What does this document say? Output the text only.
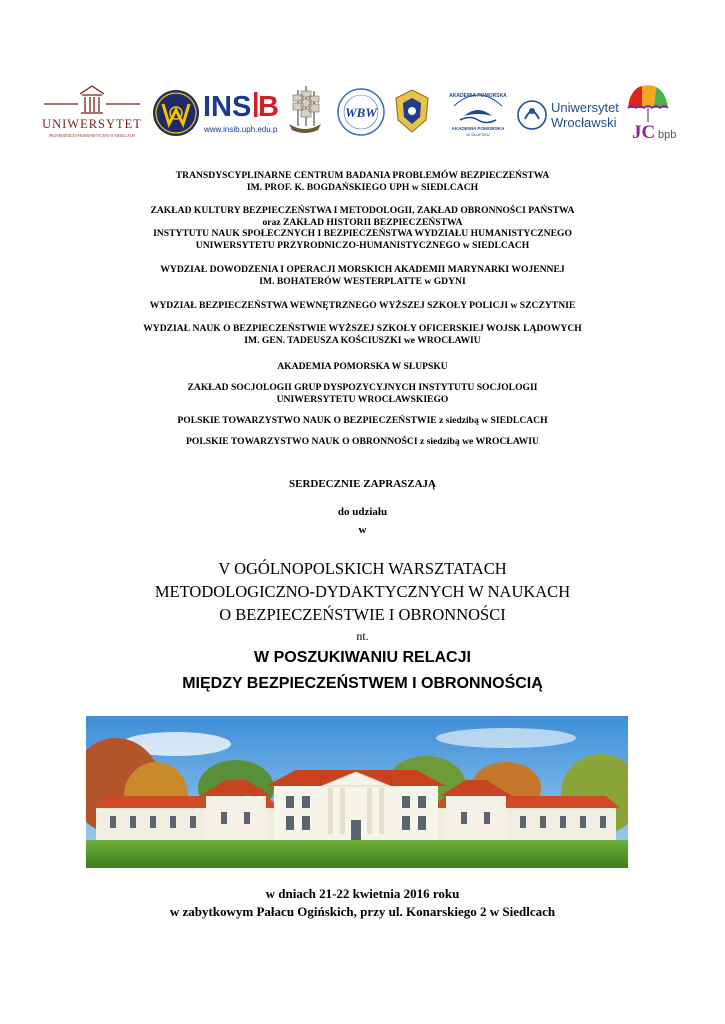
UNIWERSYTET
PRZYRODNICZO-HUMANISTYCZNY W SIEDLCACH
INS B
www.insib.uph.edu.pl
WBW
AKADEMIA POMORSKA
AKADEMIA POMORSKA
W SŁUPSKU
Uniwersytet
Wrocławski JC bpb
TRANSDYSCYPLINARNE CENTRUM BADANIA PROBLEMÓW BEZPIECZEŃSTWA
IM. PROF. K. BOGDAŃSKIEGO UPH w SIEDLCACH
ZAKŁAD KULTURY BEZPIECZEŃSTWA I METODOLOGII, ZAKŁAD OBRONNOŚCI PAŃSTWA
oraz ZAKŁAD HISTORII BEZPIECZEŃSTWA
INSTYTUTU NAUK SPOŁECZNYCH I BEZPIECZEŃSTWA WYDZIAŁU HUMANISTYCZNEGO
UNIWERSYTETU PRZYRODNICZO-HUMANISTYCZNEGO w SIEDLCACH
WYDZIAŁ DOWODZENIA I OPERACJI MORSKICH AKADEMII MARYNARKI WOJENNEJ
IM. BOHATERÓW WESTERPLATTE w GDYNI
WYDZIAŁ BEZPIECZEŃSTWA WEWNĘTRZNEGO WYŻSZEJ SZKOŁY POLICJI w SZCZYTNIE
WYDZIAŁ NAUK O BEZPIECZEŃSTWIE WYŻSZEJ SZKOŁY OFICERSKIEJ WOJSK LĄDOWYCH
IM. GEN. TADEUSZA KOŚCIUSZKI we WROCŁAWIU
AKADEMIA POMORSKA W SŁUPSKU
ZAKŁAD SOCJOLOGII GRUP DYSPOZYCYJNYCH INSTYTUTU SOCJOLOGII
UNIWERSYTETU WROCŁAWSKIEGO
POLSKIE TOWARZYSTWO NAUK O BEZPIECZEŃSTWIE z siedzibą w SIEDLCACH
POLSKIE TOWARZYSTWO NAUK O OBRONNOŚCI z siedzibą we WROCŁAWIU
SERDECZNIE ZAPRASZAJĄ
do udziału
w
V OGÓLNOPOLSKICH WARSZTATACH
METODOLOGICZNO-DYDAKTYCZNYCH W NAUKACH
O BEZPIECZEŃSTWIE I OBRONNOŚCI
nt.
W POSZUKIWANIU RELACJI
MIĘDZY BEZPIECZEŃSTWEM I OBRONNOŚCIĄ
w dniach 21-22 kwietnia 2016 roku
w zabytkowym Pałacu Ogińskich, przy ul. Konarskiego 2 w Siedlcach
